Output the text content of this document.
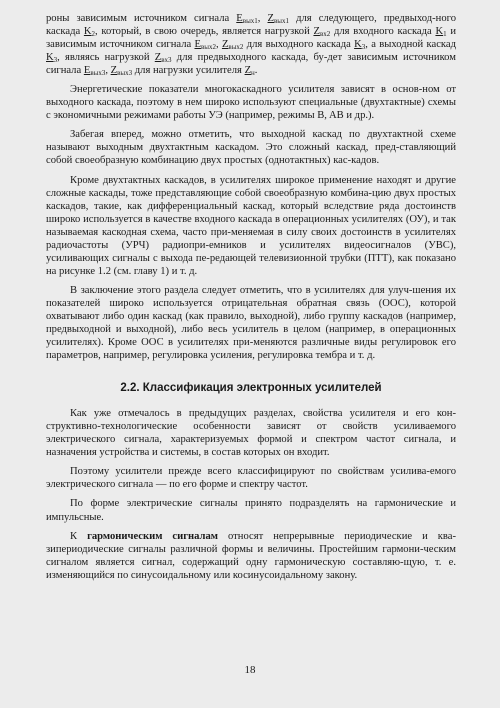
роны зависимым источником сигнала $E_{вых1}$, $Z_{вых1}$ для следующего, предвыход-ного каскада $K_2$, который, в свою очередь, является нагрузкой $Z_{вх2}$ для входного каскада $K_1$ и зависимым источником сигнала $E_{вых2}$, $Z_{вых2}$ для выходного каскада $K_3$, а выходной каскад $K_3$, являясь нагрузкой $Z_{вх3}$ для предвыходного каскада, бу-дет зависимым источником сигнала $E_{вых3}$, $Z_{вых3}$ для нагрузки усилителя $Z_н$.

Энергетические показатели многокаскадного усилителя зависят в основ-ном от выходного каскада, поэтому в нем широко используют специальные (двухтактные) схемы с экономичными режимами работы УЭ (например, режимы B, AB и др.).

Забегая вперед, можно отметить, что выходной каскад по двухтактной схеме называют выходным двухтактным каскадом. Это сложный каскад, пред-ставляющий собой своеобразную комбинацию двух простых (однотактных) кас-кадов.

Кроме двухтактных каскадов, в усилителях широкое применение находят и другие сложные каскады, тоже представляющие собой своеобразную комбина-цию двух простых каскадов, такие, как дифференциальный каскад, который вследствие ряда достоинств широко используется в качестве входного каскада в операционных усилителях (ОУ), и так называемая каскодная схема, часто при-меняемая в силу своих достоинств в усилителях радиочастоты (УРЧ) радиопри-емников и усилителях видеосигналов (УВС), усиливающих сигналы с выхода пе-редающей телевизионной трубки (ПТТ), как показано на рисунке 1.2 (см. главу 1) и т. д.

В заключение этого раздела следует отметить, что в усилителях для улуч-шения их показателей широко используется отрицательная обратная связь (ООС), которой охватывают либо один каскад (как правило, выходной), либо группу каскадов (например, предвыходной и выходной), либо весь усилитель в целом (например, в операционных усилителях). Кроме ООС в усилителях при-меняются различные виды регулировок его параметров, например, регулировка усиления, регулировка тембра и т. д.

2.2. Классификация электронных усилителей

Как уже отмечалось в предыдущих разделах, свойства усилителя и его кон-структивно-технологические особенности зависят от свойств усиливаемого электрического сигнала, характеризуемых формой и спектром частот сигнала, и назначения устройства и системы, в состав которых он входит.

Поэтому усилители прежде всего классифицируют по свойствам усилива-емого электрического сигнала — по его форме и спектру частот.

По форме электрические сигналы принято подразделять на гармонические и импульсные.

К гармоническим сигналам относят непрерывные периодические и ква-зипериодические сигналы различной формы и величины. Простейшим гармони-ческим сигналом является сигнал, содержащий одну гармоническую составляю-щую, т. е. изменяющийся по синусоидальному или косинусоидальному закону.

18
